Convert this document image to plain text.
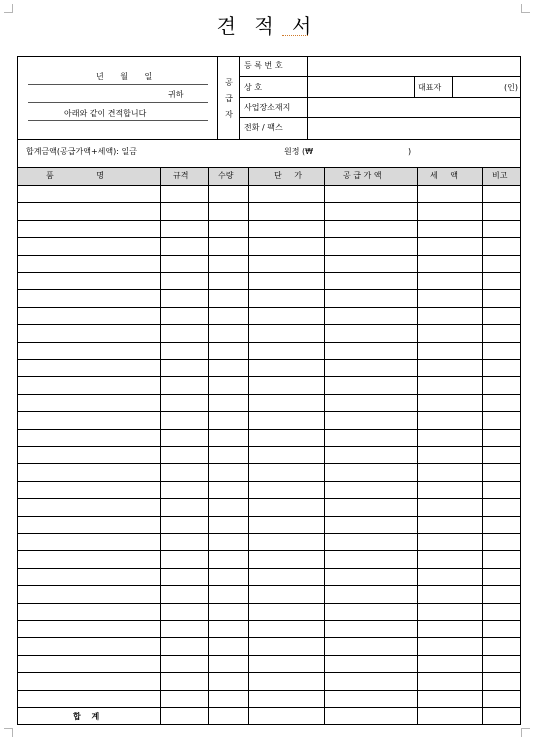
견 적 서
년 월 일
귀하
아래와 같이 견적합니다
공
급
자
등 록 번 호
상 호	대표자	(인)
사업장소재지
전화 / 팩스
합계금액(공급가액+세액): 일금	원정 (₩	)
품 명	규격	수량	단 가	공 급 가 액	세 액	비고
합 계
